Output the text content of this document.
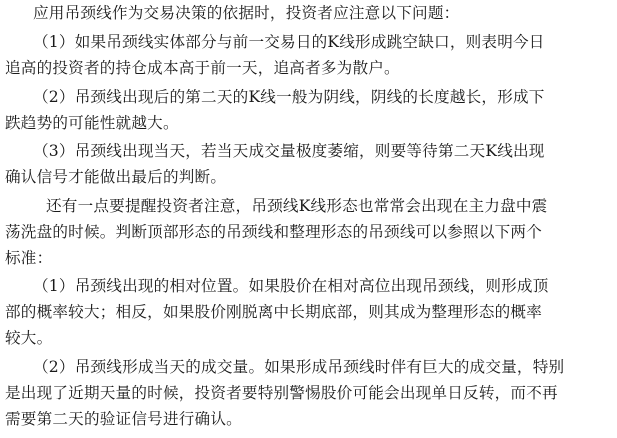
应用吊颈线作为交易决策的依据时，投资者应注意以下问题：
（1）如果吊颈线实体部分与前一交易日的K线形成跳空缺口，则表明今日
追高的投资者的持仓成本高于前一天，追高者多为散户。
（2）吊颈线出现后的第二天的K线一般为阴线，阴线的长度越长，形成下
跌趋势的可能性就越大。
（3）吊颈线出现当天，若当天成交量极度萎缩，则要等待第二天K线出现
确认信号才能做出最后的判断。
还有一点要提醒投资者注意，吊颈线K线形态也常常会出现在主力盘中震
荡洗盘的时候。判断顶部形态的吊颈线和整理形态的吊颈线可以参照以下两个
标准：
（1）吊颈线出现的相对位置。如果股价在相对高位出现吊颈线，则形成顶
部的概率较大；相反，如果股价刚脱离中长期底部，则其成为整理形态的概率
较大。
（2）吊颈线形成当天的成交量。如果形成吊颈线时伴有巨大的成交量，特别
是出现了近期天量的时候，投资者要特别警惕股价可能会出现单日反转，而不再
需要第二天的验证信号进行确认。
